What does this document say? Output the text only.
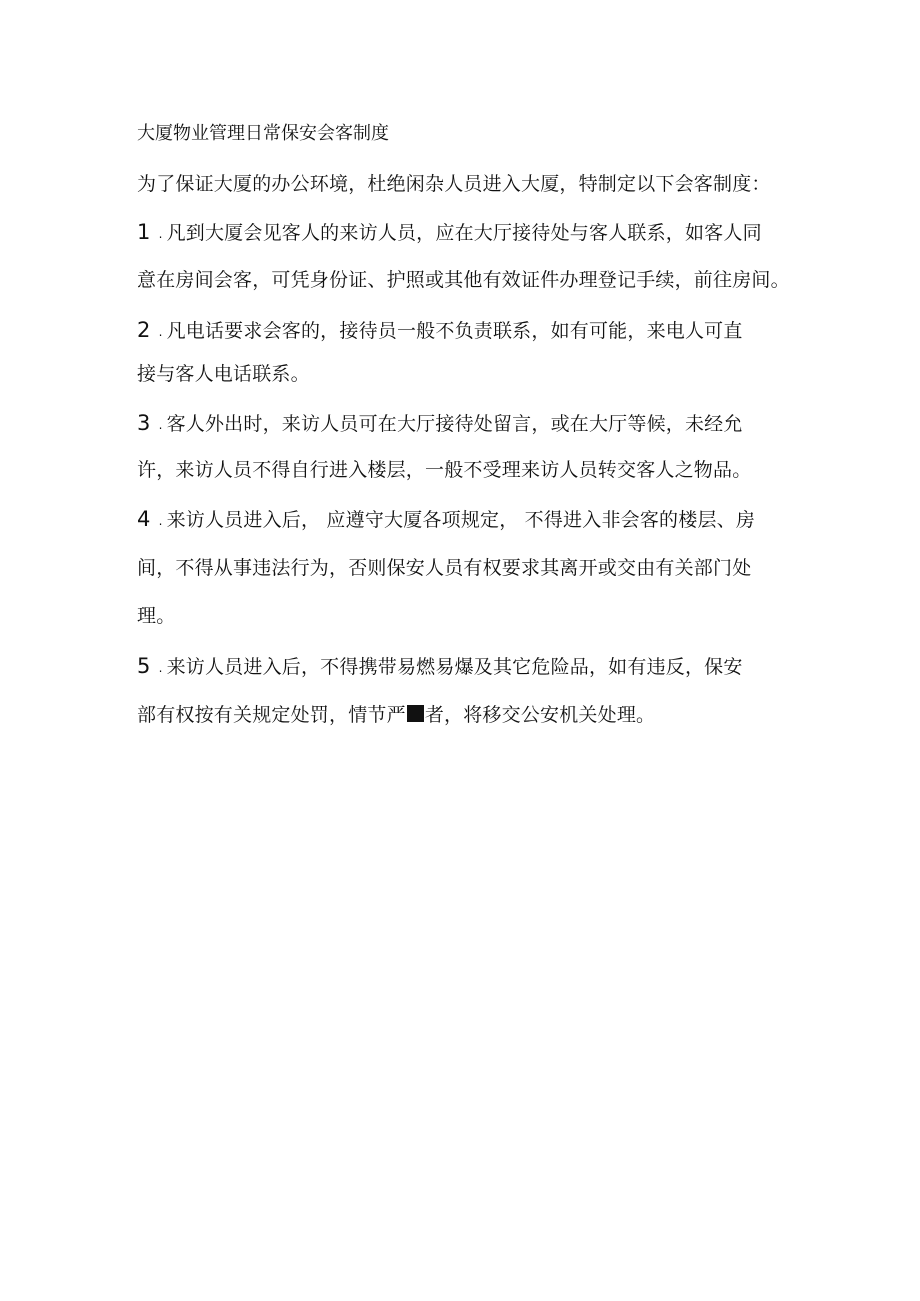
大厦物业管理日常保安会客制度
为了保证大厦的办公环境，杜绝闲杂人员进入大厦，特制定以下会客制度：
1 . 凡到大厦会见客人的来访人员，应在大厅接待处与客人联系，如客人同
意在房间会客，可凭身份证、护照或其他有效证件办理登记手续，前往房间。
2 . 凡电话要求会客的，接待员一般不负责联系，如有可能，来电人可直
接与客人电话联系。
3 . 客人外出时，来访人员可在大厅接待处留言，或在大厅等候，未经允
许，来访人员不得自行进入楼层，一般不受理来访人员转交客人之物品。
4 . 来访人员进入后， 应遵守大厦各项规定， 不得进入非会客的楼层、房
间，不得从事违法行为，否则保安人员有权要求其离开或交由有关部门处
理。
5 . 来访人员进入后，不得携带易燃易爆及其它危险品，如有违反，保安
部有权按有关规定处罚，情节严 者，将移交公安机关处理。
